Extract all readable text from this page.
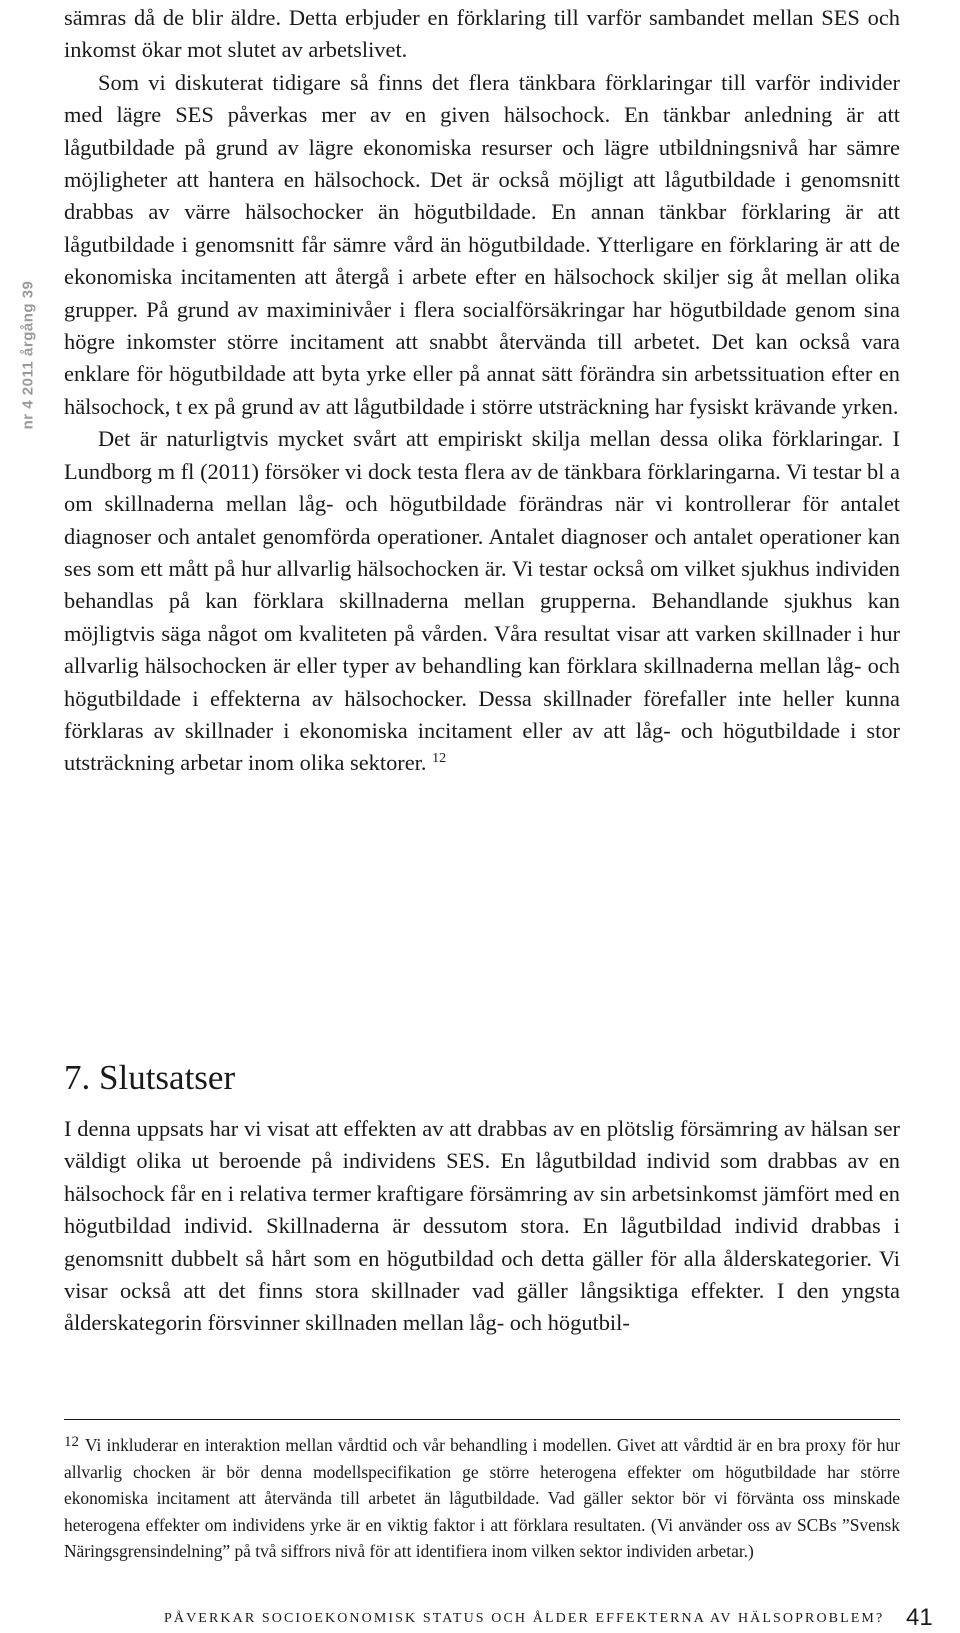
nr 4 2011 årgång 39

sämras då de blir äldre. Detta erbjuder en förklaring till varför sambandet mellan SES och inkomst ökar mot slutet av arbetslivet.

Som vi diskuterat tidigare så finns det flera tänkbara förklaringar till varför individer med lägre SES påverkas mer av en given hälsochock. En tänkbar anledning är att lågutbildade på grund av lägre ekonomiska resurser och lägre utbildningsnivå har sämre möjligheter att hantera en hälsochock. Det är också möjligt att lågutbildade i genomsnitt drabbas av värre hälsochocker än högutbildade. En annan tänkbar förklaring är att lågutbildade i genomsnitt får sämre vård än högutbildade. Ytterligare en förklaring är att de ekonomiska incitamenten att återgå i arbete efter en hälsochock skiljer sig åt mellan olika grupper. På grund av maximinivåer i flera socialförsäkringar har högutbildade genom sina högre inkomster större incitament att snabbt återvända till arbetet. Det kan också vara enklare för högutbildade att byta yrke eller på annat sätt förändra sin arbetssituation efter en hälsochock, t ex på grund av att lågutbildade i större utsträckning har fysiskt krävande yrken.

Det är naturligtvis mycket svårt att empiriskt skilja mellan dessa olika förklaringar. I Lundborg m fl (2011) försöker vi dock testa flera av de tänkbara förklaringarna. Vi testar bl a om skillnaderna mellan låg- och högutbildade förändras när vi kontrollerar för antalet diagnoser och antalet genomförda operationer. Antalet diagnoser och antalet operationer kan ses som ett mått på hur allvarlig hälsochocken är. Vi testar också om vilket sjukhus individen behandlas på kan förklara skillnaderna mellan grupperna. Behandlande sjukhus kan möjligtvis säga något om kvaliteten på vården. Våra resultat visar att varken skillnader i hur allvarlig hälsochocken är eller typer av behandling kan förklara skillnaderna mellan låg- och högutbildade i effekterna av hälsochocker. Dessa skillnader förefaller inte heller kunna förklaras av skillnader i ekonomiska incitament eller av att låg- och högutbildade i stor utsträckning arbetar inom olika sektorer. $^{12}$

7. Slutsatser

I denna uppsats har vi visat att effekten av att drabbas av en plötslig försämring av hälsan ser väldigt olika ut beroende på individens SES. En lågutbildad individ som drabbas av en hälsochock får en i relativa termer kraftigare försämring av sin arbetsinkomst jämfört med en högutbildad individ. Skillnaderna är dessutom stora. En lågutbildad individ drabbas i genomsnitt dubbelt så hårt som en högutbildad och detta gäller för alla ålderskategorier. Vi visar också att det finns stora skillnader vad gäller långsiktiga effekter. I den yngsta ålderskategorin försvinner skillnaden mellan låg- och högutbil-

12 Vi inkluderar en interaktion mellan vårdtid och vår behandling i modellen. Givet att vårdtid är en bra proxy för hur allvarlig chocken är bör denna modellspecifikation ge större heterogena effekter om högutbildade har större ekonomiska incitament att återvända till arbetet än lågutbildade. Vad gäller sektor bör vi förvänta oss minskade heterogena effekter om individens yrke är en viktig faktor i att förklara resultaten. (Vi använder oss av SCBs ”Svensk Näringsgrensindelning” på två siffrors nivå för att identifiera inom vilken sektor individen arbetar.)

PÅVERKAR SOCIOEKONOMISK STATUS OCH ÅLDER EFFEKTERNA AV HÄLSOPROBLEM? 41
